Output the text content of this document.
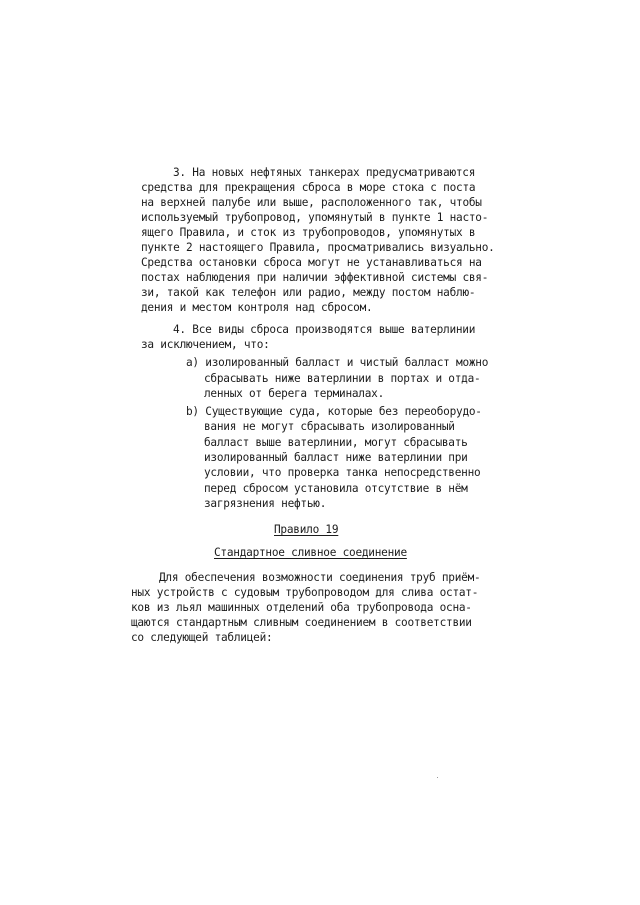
3. На новых нефтяных танкерах предусматриваются
средства для прекращения сброса в море стока с поста
на верхней палубе или выше, расположенного так, чтобы
используемый трубопровод, упомянутый в пункте 1 насто-
ящего Правила, и сток из трубопроводов, упомянутых в
пункте 2 настоящего Правила, просматривались визуально.
Средства остановки сброса могут не устанавливаться на
постах наблюдения при наличии эффективной системы свя-
зи, такой как телефон или радио, между постом наблю-
дения и местом контроля над сбросом.
4. Все виды сброса производятся выше ватерлинии
за исключением, что:
a) изолированный балласт и чистый балласт можно
сбрасывать ниже ватерлинии в портах и отда-
ленных от берега терминалах.
b) Существующие суда, которые без переоборудо-
вания не могут сбрасывать изолированный
балласт выше ватерлинии, могут сбрасывать
изолированный балласт ниже ватерлинии при
условии, что проверка танка непосредственно
перед сбросом установила отсутствие в нём
загрязнения нефтью.
Правило 19
Стандартное сливное соединение
Для обеспечения возможности соединения труб приём-
ных устройств с судовым трубопроводом для слива остат-
ков из льял машинных отделений оба трубопровода осна-
щаются стандартным сливным соединением в соответствии
со следующей таблицей:
